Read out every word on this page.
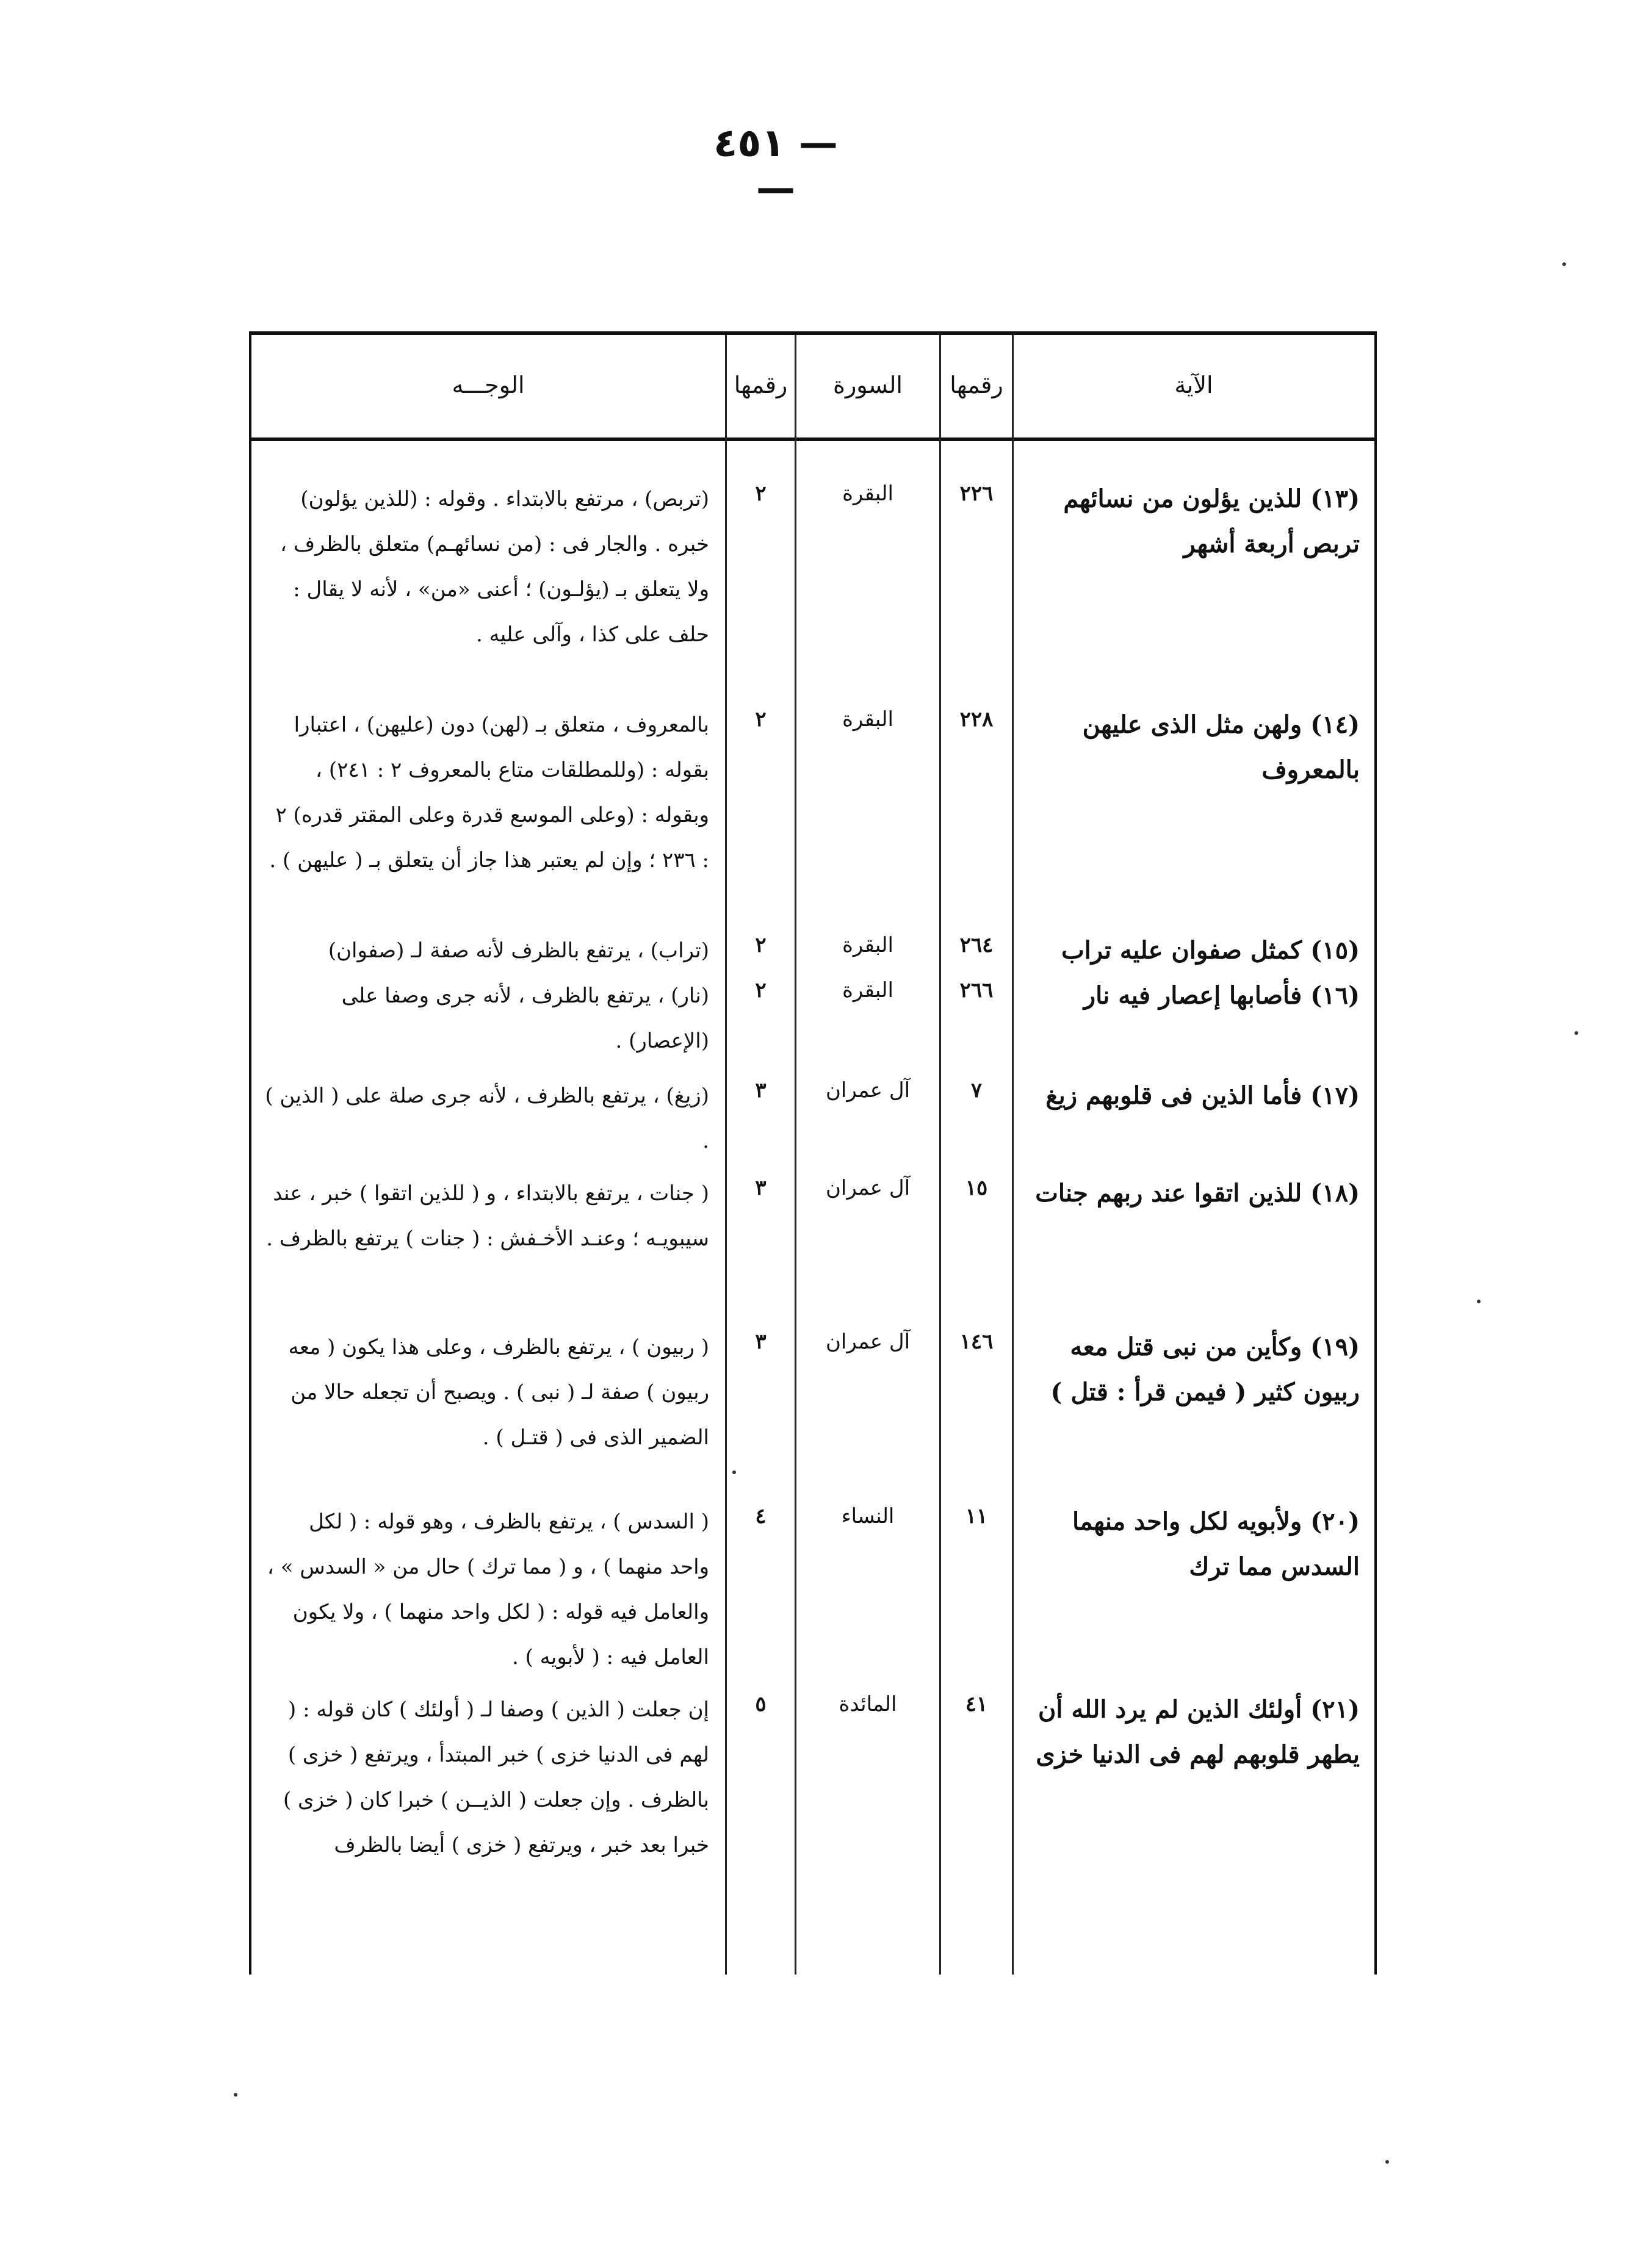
— ٤٥١ —
الآية
رقمها
السورة
رقمها
الوجـــه
(١٣) للذين يؤلون من نسائهم تربص أربعة أشهر
٢٢٦
البقرة
٢
(تربص) ، مرتفع بالابتداء . وقوله : (للذين يؤلون) خبره . والجار فى : (من نسائهـم) متعلق بالظرف ، ولا يتعلق بـ (يؤلـون) ؛ أعنى «من» ، لأنه لا يقال : حلف على كذا ، وآلى عليه .
(١٤) ولهن مثل الذى عليهن بالمعروف
٢٢٨
البقرة
٢
بالمعروف ، متعلق بـ (لهن) دون (عليهن) ، اعتبارا بقوله : (وللمطلقات متاع بالمعروف ٢ : ٢٤١) ، وبقوله : (وعلى الموسع قدرة وعلى المقتر قدره) ٢ : ٢٣٦ ؛ وإن لم يعتبر هذا جاز أن يتعلق بـ ( عليهن ) .
(١٥) كمثل صفوان عليه تراب
٢٦٤
البقرة
٢
(تراب) ، يرتفع بالظرف لأنه صفة لـ (صفوان)
(١٦) فأصابها إعصار فيه نار
٢٦٦
البقرة
٢
(نار) ، يرتفع بالظرف ، لأنه جرى وصفا على (الإعصار) .
(١٧) فأما الذين فى قلوبهم زيغ
٧
آل عمران
٣
(زيغ) ، يرتفع بالظرف ، لأنه جرى صلة على ( الذين ) .
(١٨) للذين اتقوا عند ربهم جنات
١٥
آل عمران
٣
( جنات ، يرتفع بالابتداء ، و ( للذين اتقوا ) خبر ، عند سيبويـه ؛ وعنـد الأخـفش : ( جنات ) يرتفع بالظرف .
(١٩) وكأين من نبى قتل معه ربيون كثير ( فيمن قرأ : قتل )
١٤٦
آل عمران
٣
( ربيون ) ، يرتفع بالظرف ، وعلى هذا يكون ( معه ربيون ) صفة لـ ( نبى ) . ويصبح أن تجعله حالا من الضمير الذى فى ( قتـل ) .
(٢٠) ولأبويه لكل واحد منهما السدس مما ترك
١١
النساء
٤
( السدس ) ، يرتفع بالظرف ، وهو قوله : ( لكل واحد منهما ) ، و ( مما ترك ) حال من « السدس » ، والعامل فيه قوله : ( لكل واحد منهما ) ، ولا يكون العامل فيه : ( لأبويه ) .
(٢١) أولئك الذين لم يرد الله أن يطهر قلوبهم لهم فى الدنيا خزى
٤١
المائدة
٥
إن جعلت ( الذين ) وصفا لـ ( أولئك ) كان قوله : ( لهم فى الدنيا خزى ) خبر المبتدأ ، ويرتفع ( خزى ) بالظرف . وإن جعلت ( الذيــن ) خبرا كان ( خزى ) خبرا بعد خبر ، ويرتفع ( خزى ) أيضا بالظرف
